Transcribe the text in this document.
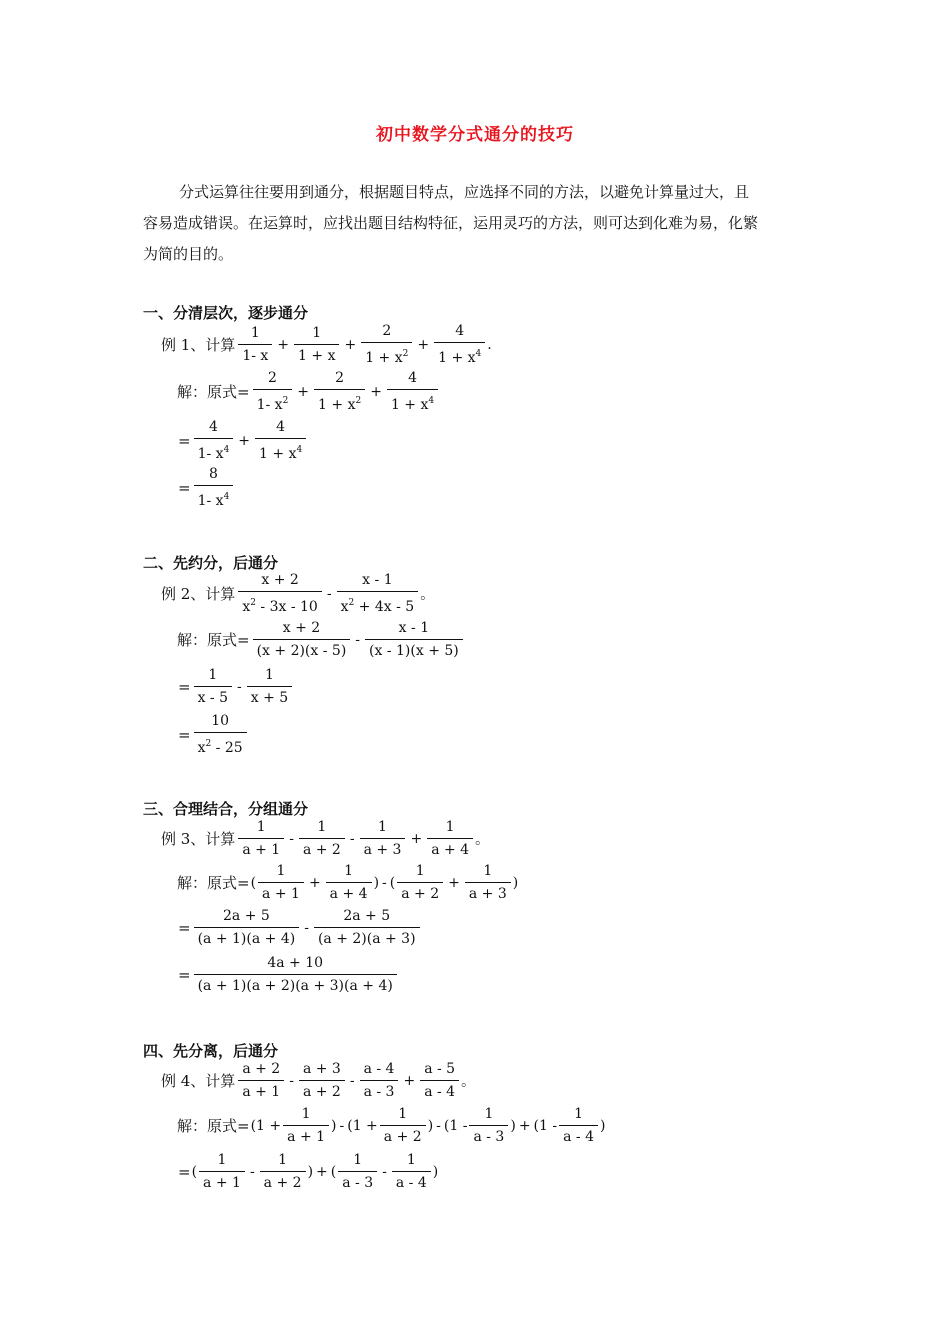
初中数学分式通分的技巧
分式运算往往要用到通分，根据题目特点，应选择不同的方法，以避免计算量过大，且
容易造成错误。在运算时，应找出题目结构特征，运用灵巧的方法，则可达到化难为易，化繁
为简的目的。
一、分清层次，逐步通分
例 1、计算 $\frac{1}{1- x} + \frac{1}{1 + x} + \frac{2}{1 + x^2} + \frac{4}{1 + x^4}$ .
解：原式= $\frac{2}{1- x^2} + \frac{2}{1 + x^2} + \frac{4}{1 + x^4}$
= $\frac{4}{1- x^4} + \frac{4}{1 + x^4}$
= $\frac{8}{1- x^4}$
二、先约分，后通分
例 2、计算 $\frac{x + 2}{x^2 - 3x - 10} - \frac{x - 1}{x^2 + 4x - 5}$ 。
解：原式= $\frac{x + 2}{(x + 2)(x - 5)} - \frac{x - 1}{(x - 1)(x + 5)}$
= $\frac{1}{x - 5} - \frac{1}{x + 5}$
= $\frac{10}{x^2 - 25}$
三、合理结合，分组通分
例 3、计算 $\frac{1}{a + 1} - \frac{1}{a + 2} - \frac{1}{a + 3} + \frac{1}{a + 4}$ 。
解：原式= ( $\frac{1}{a + 1} + \frac{1}{a + 4}$ ) - ( $\frac{1}{a + 2} + \frac{1}{a + 3}$ )
= $\frac{2a + 5}{(a + 1)(a + 4)} - \frac{2a + 5}{(a + 2)(a + 3)}$
= $\frac{4a + 10}{(a + 1)(a + 2)(a + 3)(a + 4)}$
四、先分离，后通分
例 4、计算 $\frac{a + 2}{a + 1} - \frac{a + 3}{a + 2} - \frac{a - 4}{a - 3} + \frac{a - 5}{a - 4}$ 。
解：原式= ($1 + \frac{1}{a + 1}$ ) - ($1 + \frac{1}{a + 2}$ ) - ($1 - \frac{1}{a - 3}$ ) + ($1 - \frac{1}{a - 4}$ )
= ( $\frac{1}{a + 1} - \frac{1}{a + 2}$ ) + ( $\frac{1}{a - 3} - \frac{1}{a - 4}$ )
